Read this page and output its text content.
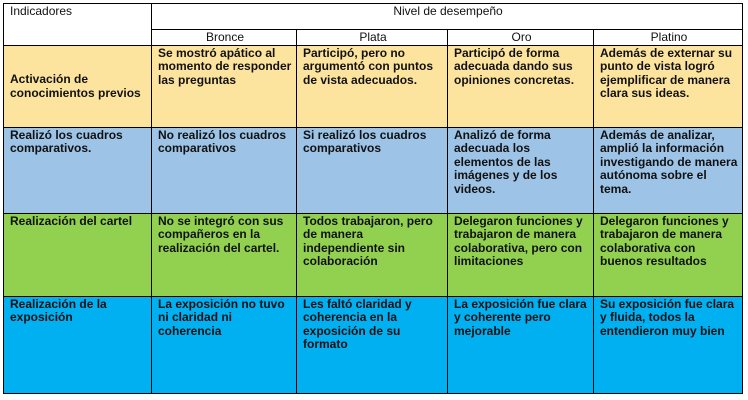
Indicadores	Nivel de desempeño			
	Bronce	Plata	Oro	Platino
Activación de conocimientos previos	Se mostró apático al momento de responder las preguntas	Participó, pero no argumentó con puntos de vista adecuados.	Participó de forma adecuada dando sus opiniones concretas.	Además de externar su punto de vista logró ejemplificar de manera clara sus ideas.
Realizó los cuadros comparativos.	No realizó los cuadros comparativos	Si realizó los cuadros comparativos	Analizó de forma adecuada los elementos de las imágenes y de los videos.	Además de analizar, amplió la información investigando de manera autónoma sobre el tema.
Realización del cartel	No se integró con sus compañeros en la realización del cartel.	Todos trabajaron, pero de manera independiente sin colaboración	Delegaron funciones y trabajaron de manera colaborativa, pero con limitaciones	Delegaron funciones y trabajaron de manera colaborativa con buenos resultados
Realización de la exposición	La exposición no tuvo ni claridad ni coherencia	Les faltó claridad y coherencia en la exposición de su formato	La exposición fue clara y coherente pero mejorable	Su exposición fue clara y fluida, todos la entendieron muy bien
